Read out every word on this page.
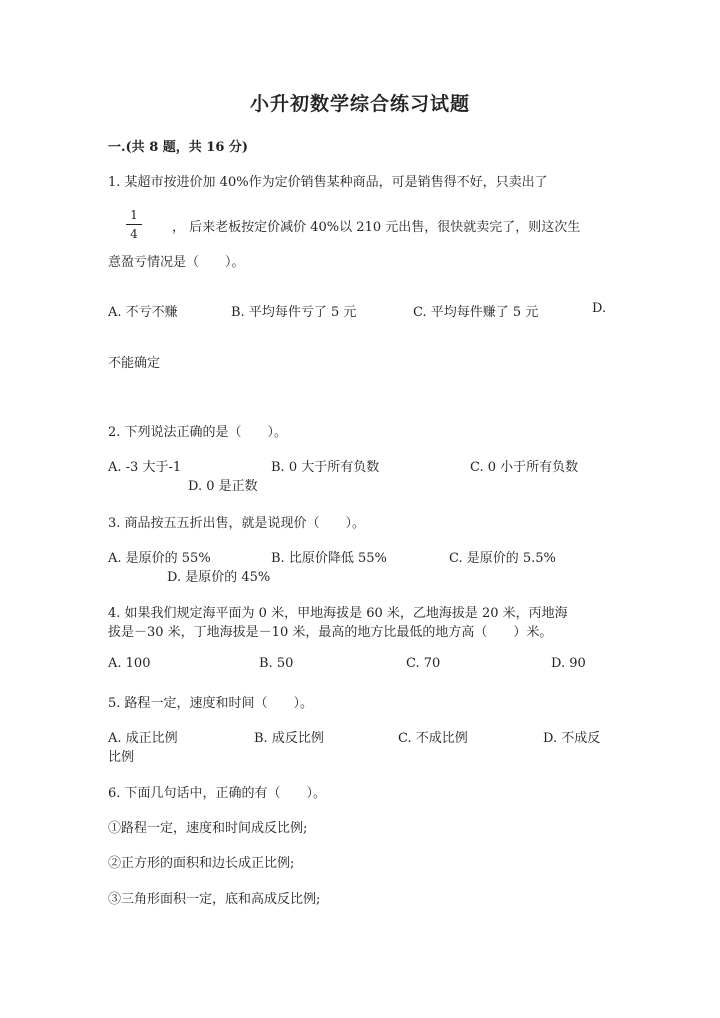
小升初数学综合练习试题
一.(共 8 题，共 16 分)
1. 某超市按进价加 40%作为定价销售某种商品，可是销售得不好，只卖出了
1
4	， 后来老板按定价减价 40%以 210 元出售，很快就卖完了，则这次生
意盈亏情况是（　　）。
A. 不亏不赚	B. 平均每件亏了 5 元	C. 平均每件赚了 5 元	D.
不能确定
2. 下列说法正确的是（　　）。
A. -3 大于-1	B. 0 大于所有负数	C. 0 小于所有负数
D. 0 是正数
3. 商品按五五折出售，就是说现价（　　）。
A. 是原价的 55%	B. 比原价降低 55%	C. 是原价的 5.5%
D. 是原价的 45%
4. 如果我们规定海平面为 0 米，甲地海拔是 60 米，乙地海拔是 20 米，丙地海
拔是－30 米，丁地海拔是－10 米，最高的地方比最低的地方高（　　）米。
A. 100	B. 50	C. 70	D. 90
5. 路程一定，速度和时间（　　）。
A. 成正比例	B. 成反比例	C. 不成比例	D. 不成反
比例
6. 下面几句话中，正确的有（　　）。
①路程一定，速度和时间成反比例;
②正方形的面积和边长成正比例;
③三角形面积一定，底和高成反比例;
